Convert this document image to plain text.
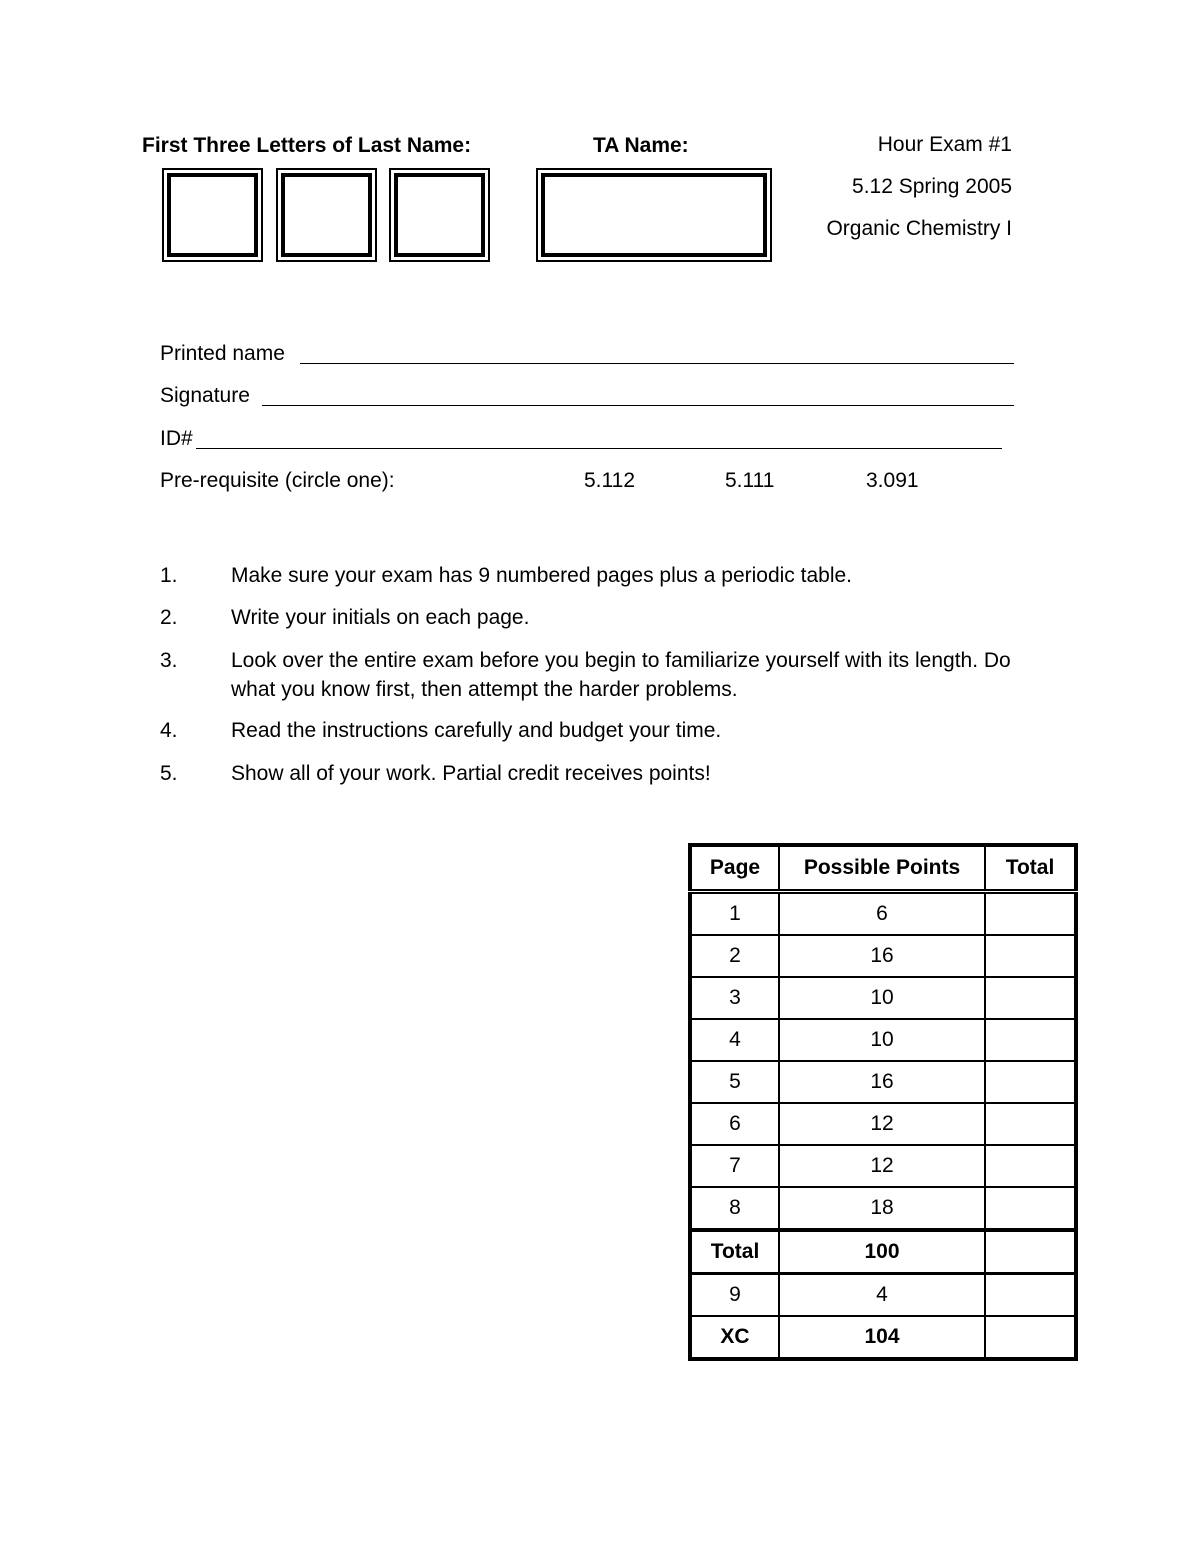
First Three Letters of Last Name:	TA Name:	Hour Exam #1
5.12 Spring 2005
Organic Chemistry I
Printed name
Signature
ID#
Pre-requisite (circle one):	5.112	5.111	3.091
1.	Make sure your exam has 9 numbered pages plus a periodic table.
2.	Write your initials on each page.
3.	Look over the entire exam before you begin to familiarize yourself with its length. Do what you know first, then attempt the harder problems.
4.	Read the instructions carefully and budget your time.
5.	Show all of your work. Partial credit receives points!
Page	Possible Points	Total
1	6	
2	16	
3	10	
4	10	
5	16	
6	12	
7	12	
8	18	
Total	100	
9	4	
XC	104	
